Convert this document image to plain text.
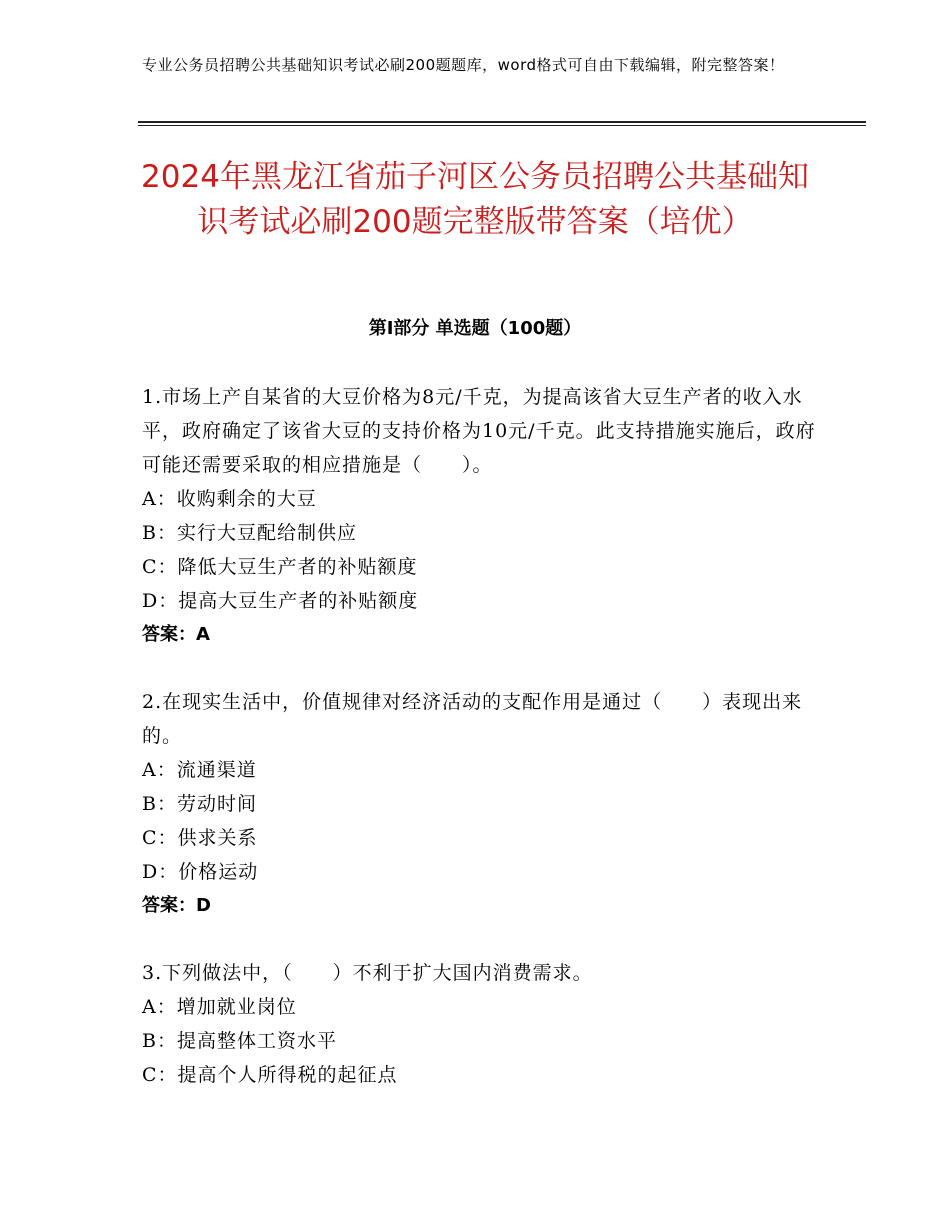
专业公务员招聘公共基础知识考试必刷200题题库，word格式可自由下载编辑，附完整答案！
2024年黑龙江省茄子河区公务员招聘公共基础知识考试必刷200题完整版带答案（培优）
第I部分 单选题（100题）
1.市场上产自某省的大豆价格为8元/千克，为提高该省大豆生产者的收入水平，政府确定了该省大豆的支持价格为10元/千克。此支持措施实施后，政府可能还需要采取的相应措施是（　　）。
A：收购剩余的大豆
B：实行大豆配给制供应
C：降低大豆生产者的补贴额度
D：提高大豆生产者的补贴额度
答案：A
2.在现实生活中，价值规律对经济活动的支配作用是通过（　　）表现出来的。
A：流通渠道
B：劳动时间
C：供求关系
D：价格运动
答案：D
3.下列做法中，（　　）不利于扩大国内消费需求。
A：增加就业岗位
B：提高整体工资水平
C：提高个人所得税的起征点
